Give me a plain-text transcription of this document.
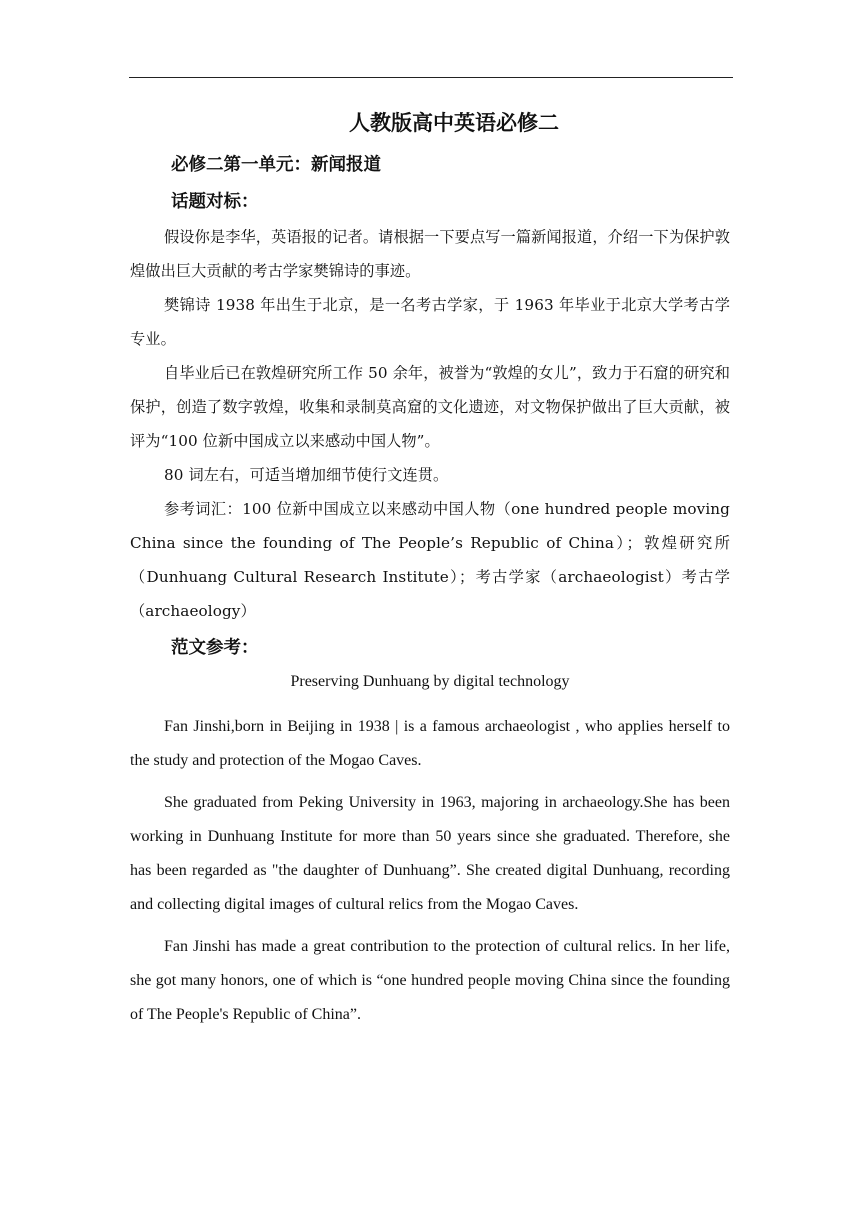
人教版高中英语必修二
必修二第一单元：新闻报道
话题对标：

假设你是李华，英语报的记者。请根据一下要点写一篇新闻报道，介绍一下为保护敦煌做出巨大贡献的考古学家樊锦诗的事迹。

樊锦诗 1938 年出生于北京，是一名考古学家，于 1963 年毕业于北京大学考古学专业。

自毕业后已在敦煌研究所工作 50 余年，被誉为“敦煌的女儿”，致力于石窟的研究和保护，创造了数字敦煌，收集和录制莫高窟的文化遗迹，对文物保护做出了巨大贡献，被评为“100 位新中国成立以来感动中国人物”。

80 词左右，可适当增加细节使行文连贯。

参考词汇：100 位新中国成立以来感动中国人物（one hundred people moving China since the founding of The People’s Republic of China）；敦煌研究所（Dunhuang Cultural Research Institute）；考古学家（archaeologist）考古学（archaeology）

范文参考：

Preserving Dunhuang by digital technology

Fan Jinshi,born in Beijing in 1938 | is a famous archaeologist , who applies herself to the study and protection of the Mogao Caves.

She graduated from Peking University in 1963, majoring in archaeology.She has been working in Dunhuang Institute for more than 50 years since she graduated. Therefore, she has been regarded as "the daughter of Dunhuang”. She created digital Dunhuang, recording and collecting digital images of cultural relics from the Mogao Caves.

Fan Jinshi has made a great contribution to the protection of cultural relics. In her life, she got many honors, one of which is “one hundred people moving China since the founding of The People's Republic of China”.
